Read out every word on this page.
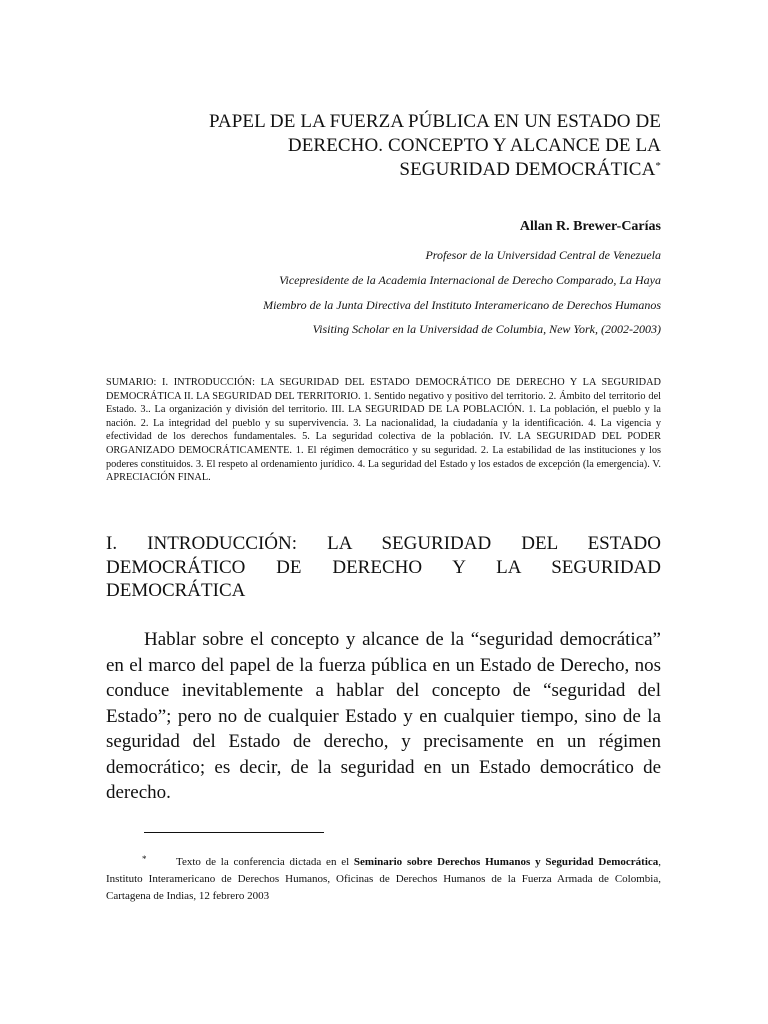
PAPEL DE LA FUERZA PÚBLICA EN UN ESTADO DE
DERECHO. CONCEPTO Y ALCANCE DE LA
SEGURIDAD DEMOCRÁTICA*
Allan R. Brewer-Carías
Profesor de la Universidad Central de Venezuela
Vicepresidente de la Academia Internacional de Derecho Comparado, La Haya
Miembro de la Junta Directiva del Instituto Interamericano de Derechos Humanos
Visiting Scholar en la Universidad de Columbia, New York, (2002-2003)

SUMARIO: I. INTRODUCCIÓN: LA SEGURIDAD DEL ESTADO DEMOCRÁTICO DE DERECHO Y LA SEGURIDAD DEMOCRÁTICA II. LA SEGURIDAD DEL TERRITORIO. 1. Sentido negativo y positivo del territorio. 2. Ámbito del territorio del Estado. 3.. La organización y división del territorio. III. LA SEGURIDAD DE LA POBLACIÓN. 1. La población, el pueblo y la nación. 2. La integridad del pueblo y su supervivencia. 3. La nacionalidad, la ciudadanía y la identificación. 4. La vigencia y efectividad de los derechos fundamentales. 5. La seguridad colectiva de la población. IV. LA SEGURIDAD DEL PODER ORGANIZADO DEMOCRÁTICAMENTE. 1. El régimen democrático y su seguridad. 2. La estabilidad de las instituciones y los poderes constituidos. 3. El respeto al ordenamiento jurídico. 4. La seguridad del Estado y los estados de excepción (la emergencia). V. APRECIACIÓN FINAL.

I. INTRODUCCIÓN: LA SEGURIDAD DEL ESTADO DEMOCRÁTICO DE DERECHO Y LA SEGURIDAD DEMOCRÁTICA

Hablar sobre el concepto y alcance de la “seguridad democrática” en el marco del papel de la fuerza pública en un Estado de Derecho, nos conduce inevitablemente a hablar del concepto de “seguridad del Estado”; pero no de cualquier Estado y en cualquier tiempo, sino de la seguridad del Estado de derecho, y precisamente en un régimen democrático; es decir, de la seguridad en un Estado democrático de derecho.

*	Texto de la conferencia dictada en el Seminario sobre Derechos Humanos y Seguridad Democrática, Instituto Interamericano de Derechos Humanos, Oficinas de Derechos Humanos de la Fuerza Armada de Colombia, Cartagena de Indias, 12 febrero 2003
